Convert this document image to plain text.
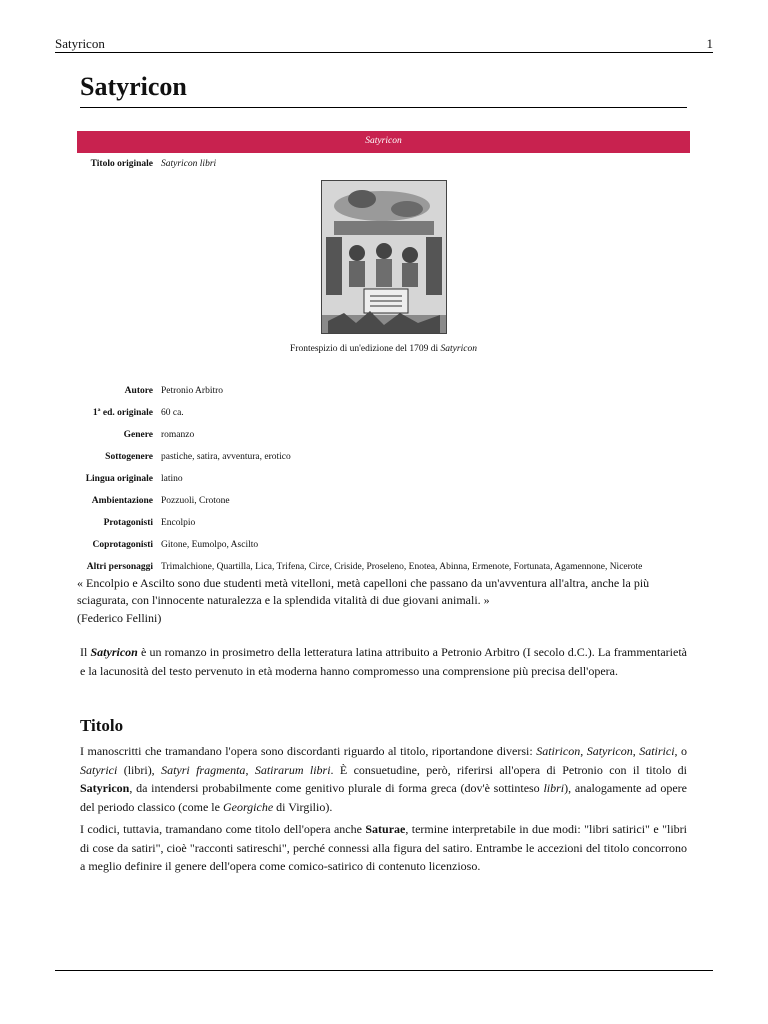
Satyricon	1
Satyricon
Satyricon
Titolo originale Satyricon libri
Frontespizio di un'edizione del 1709 di Satyricon
Autore Petronio Arbitro
1ª ed. originale 60 ca.
Genere romanzo
Sottogenere pastiche, satira, avventura, erotico
Lingua originale latino
Ambientazione Pozzuoli, Crotone
Protagonisti Encolpio
Coprotagonisti Gitone, Eumolpo, Ascilto
Altri personaggi Trimalchione, Quartilla, Lica, Trifena, Circe, Criside, Proseleno, Enotea, Abinna, Ermenote, Fortunata, Agamennone, Nicerote
« Encolpio e Ascilto sono due studenti metà vitelloni, metà capelloni che passano da un'avventura all'altra, anche la più sciagurata, con l'innocente naturalezza e la splendida vitalità di due giovani animali. »
(Federico Fellini)

Il Satyricon è un romanzo in prosimetro della letteratura latina attribuito a Petronio Arbitro (I secolo d.C.). La frammentarietà e la lacunosità del testo pervenuto in età moderna hanno compromesso una comprensione più precisa dell'opera.

Titolo

I manoscritti che tramandano l'opera sono discordanti riguardo al titolo, riportandone diversi: Satiricon, Satyricon, Satirici, o Satyrici (libri), Satyri fragmenta, Satirarum libri. È consuetudine, però, riferirsi all'opera di Petronio con il titolo di Satyricon, da intendersi probabilmente come genitivo plurale di forma greca (dov'è sottinteso libri), analogamente ad opere del periodo classico (come le Georgiche di Virgilio).

I codici, tuttavia, tramandano come titolo dell'opera anche Saturae, termine interpretabile in due modi: "libri satirici" e "libri di cose da satiri", cioè "racconti satireschi", perché connessi alla figura del satiro. Entrambe le accezioni del titolo concorrono a meglio definire il genere dell'opera come comico-satirico di contenuto licenzioso.
